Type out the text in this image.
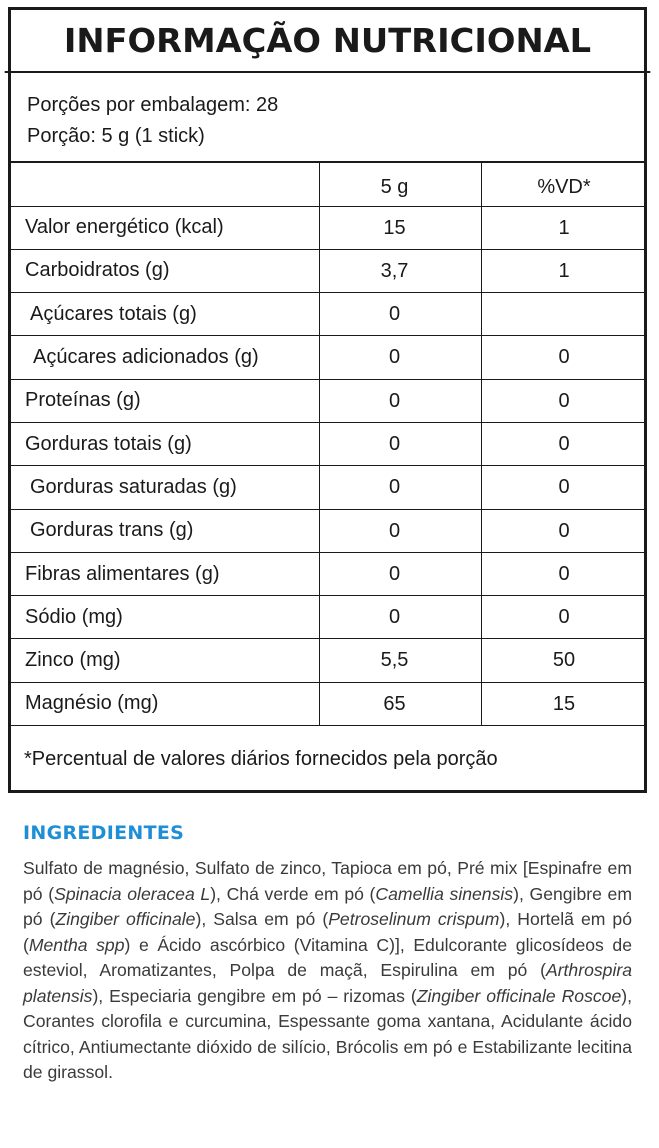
INFORMAÇÃO NUTRICIONAL
Porções por embalagem: 28
Porção: 5 g (1 stick)
	5 g	%VD*
Valor energético (kcal)	15	1
Carboidratos (g)	3,7	1
Açúcares totais (g)	0	
Açúcares adicionados (g)	0	0
Proteínas (g)	0	0
Gorduras totais (g)	0	0
Gorduras saturadas (g)	0	0
Gorduras trans (g)	0	0
Fibras alimentares (g)	0	0
Sódio (mg)	0	0
Zinco (mg)	5,5	50
Magnésio (mg)	65	15
*Percentual de valores diários fornecidos pela porção
INGREDIENTES
Sulfato de magnésio, Sulfato de zinco, Tapioca em pó, Pré mix [Espinafre em pó (Spinacia oleracea L), Chá verde em pó (Camellia sinensis), Gengibre em pó (Zingiber officinale), Salsa em pó (Petroselinum crispum), Hortelã em pó (Mentha spp) e Ácido ascórbico (Vitamina C)], Edulcorante glicosídeos de esteviol, Aromatizantes, Polpa de maçã, Espirulina em pó (Arthrospira platensis), Especiaria gengibre em pó – rizomas (Zingiber officinale Roscoe), Corantes clorofila e curcumina, Espessante goma xantana, Acidulante ácido cítrico, Antiumectante dióxido de silício, Brócolis em pó e Estabilizante lecitina de girassol.
